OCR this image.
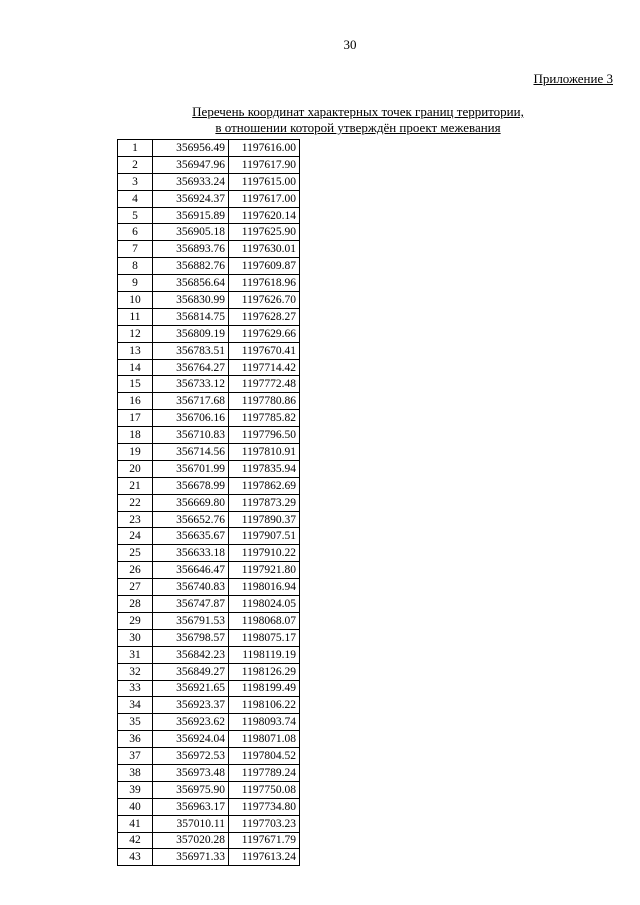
30
Приложение 3
Перечень координат характерных точек границ территории,
в отношении которой утверждён проект межевания
1	356956.49	1197616.00
2	356947.96	1197617.90
3	356933.24	1197615.00
4	356924.37	1197617.00
5	356915.89	1197620.14
6	356905.18	1197625.90
7	356893.76	1197630.01
8	356882.76	1197609.87
9	356856.64	1197618.96
10	356830.99	1197626.70
11	356814.75	1197628.27
12	356809.19	1197629.66
13	356783.51	1197670.41
14	356764.27	1197714.42
15	356733.12	1197772.48
16	356717.68	1197780.86
17	356706.16	1197785.82
18	356710.83	1197796.50
19	356714.56	1197810.91
20	356701.99	1197835.94
21	356678.99	1197862.69
22	356669.80	1197873.29
23	356652.76	1197890.37
24	356635.67	1197907.51
25	356633.18	1197910.22
26	356646.47	1197921.80
27	356740.83	1198016.94
28	356747.87	1198024.05
29	356791.53	1198068.07
30	356798.57	1198075.17
31	356842.23	1198119.19
32	356849.27	1198126.29
33	356921.65	1198199.49
34	356923.37	1198106.22
35	356923.62	1198093.74
36	356924.04	1198071.08
37	356972.53	1197804.52
38	356973.48	1197789.24
39	356975.90	1197750.08
40	356963.17	1197734.80
41	357010.11	1197703.23
42	357020.28	1197671.79
43	356971.33	1197613.24
